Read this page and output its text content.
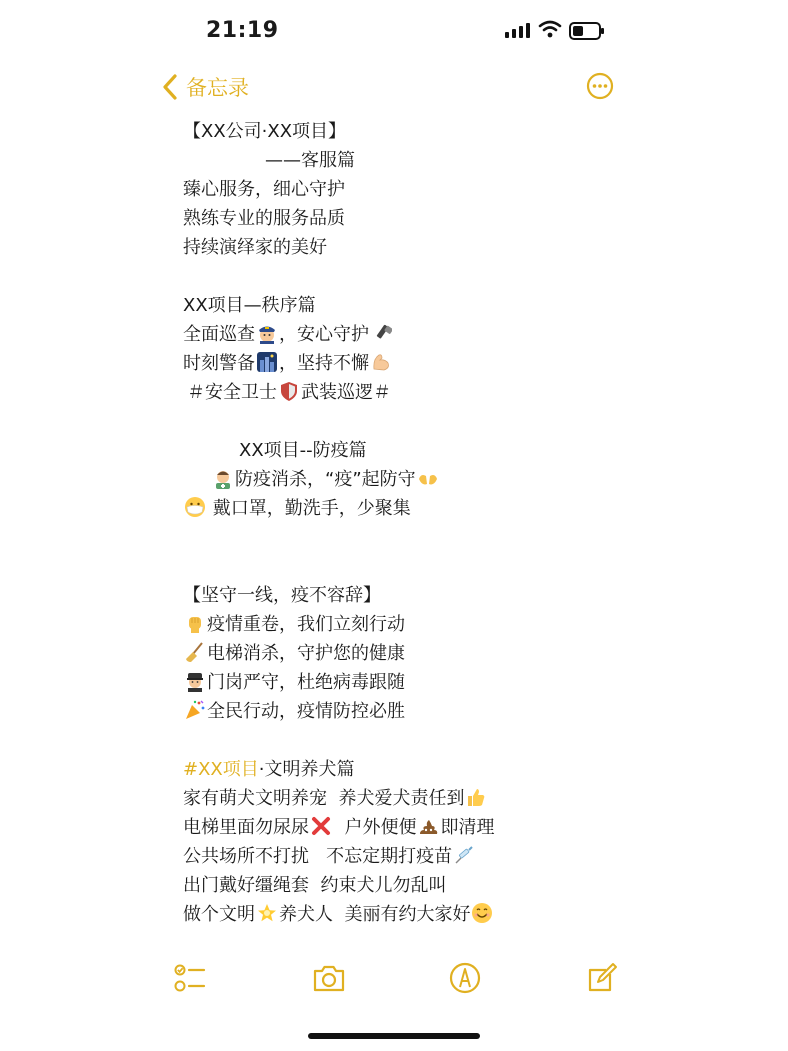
21:19
备忘录
【XX公司·XX项目】
——客服篇
臻心服务，细心守护
熟练专业的服务品质
持续演绎家的美好
XX项目—秩序篇
全面巡查 ，安心守护
时刻警备 ，坚持不懈
＃安全卫士 武装巡逻＃
XX项目--防疫篇
防疫消杀，“疫”起防守
戴口罩，勤洗手，少聚集
【坚守一线，疫不容辞】
疫情重卷，我们立刻行动
电梯消杀，守护您的健康
门岗严守，杜绝病毒跟随
全民行动，疫情防控必胜
#XX项目·文明养犬篇
家有萌犬文明养宠  养犬爱犬责任到
电梯里面勿尿尿  户外便便 即清理
公共场所不打扰   不忘定期打疫苗
出门戴好缰绳套  约束犬儿勿乱叫
做个文明 养犬人  美丽有约大家好
